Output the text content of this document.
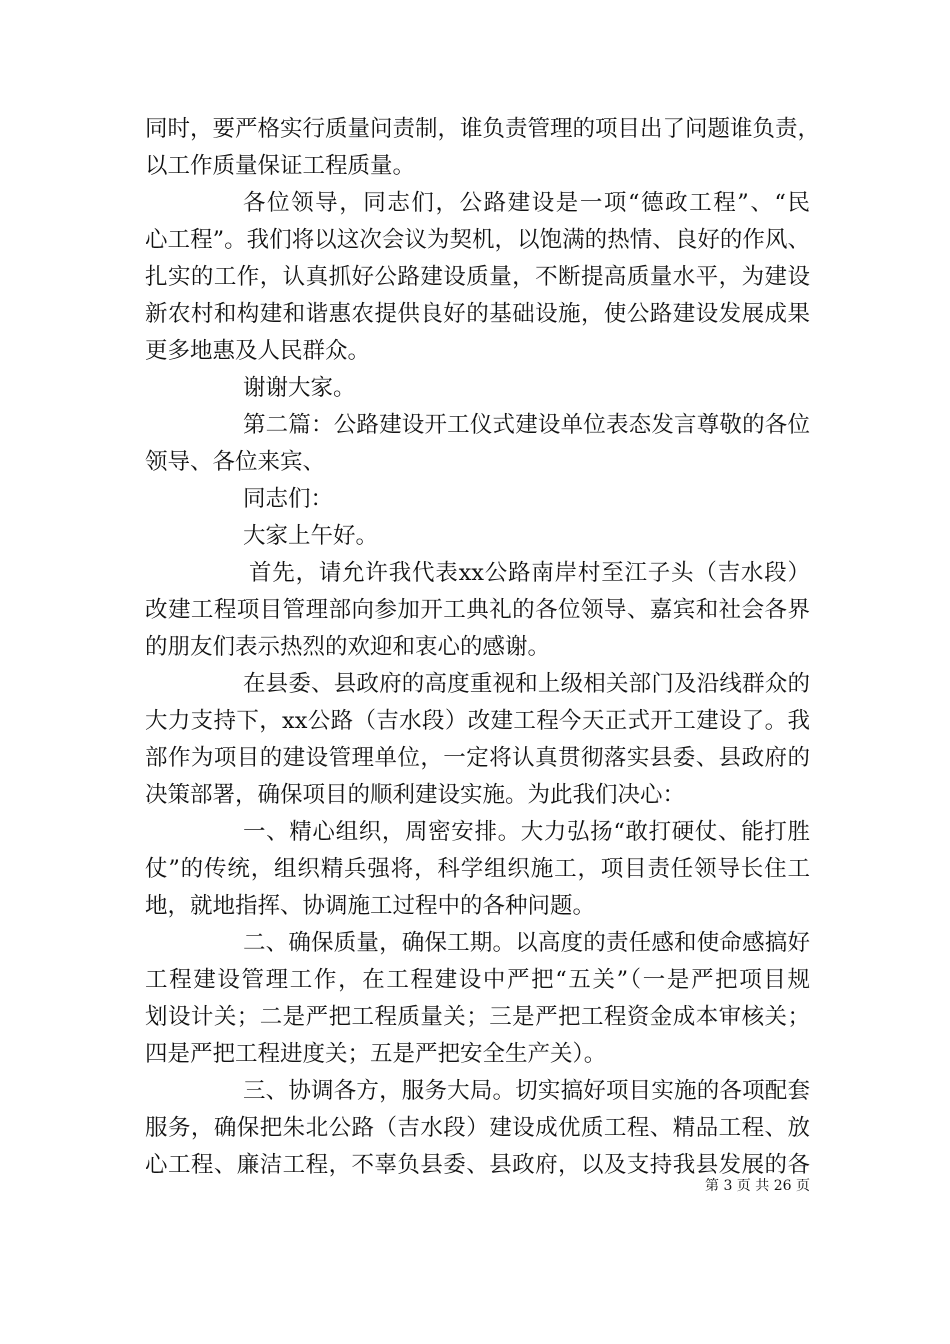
同时，要严格实行质量问责制，谁负责管理的项目出了问题谁负责，
以工作质量保证工程质量。
各位领导，同志们，公路建设是一项“德政工程”、“民
心工程”。我们将以这次会议为契机，以饱满的热情、良好的作风、
扎实的工作，认真抓好公路建设质量，不断提高质量水平，为建设
新农村和构建和谐惠农提供良好的基础设施，使公路建设发展成果
更多地惠及人民群众。
谢谢大家。
第二篇：公路建设开工仪式建设单位表态发言尊敬的各位
领导、各位来宾、
同志们：
大家上午好。
首先，请允许我代表xx公路南岸村至江子头（吉水段）
改建工程项目管理部向参加开工典礼的各位领导、嘉宾和社会各界
的朋友们表示热烈的欢迎和衷心的感谢。
在县委、县政府的高度重视和上级相关部门及沿线群众的
大力支持下，xx公路（吉水段）改建工程今天正式开工建设了。我
部作为项目的建设管理单位，一定将认真贯彻落实县委、县政府的
决策部署，确保项目的顺利建设实施。为此我们决心：
一、精心组织，周密安排。大力弘扬“敢打硬仗、能打胜
仗”的传统，组织精兵强将，科学组织施工，项目责任领导长住工
地，就地指挥、协调施工过程中的各种问题。
二、确保质量，确保工期。以高度的责任感和使命感搞好
工程建设管理工作，在工程建设中严把“五关”（一是严把项目规
划设计关；二是严把工程质量关；三是严把工程资金成本审核关；
四是严把工程进度关；五是严把安全生产关）。
三、协调各方，服务大局。切实搞好项目实施的各项配套
服务，确保把朱北公路（吉水段）建设成优质工程、精品工程、放
心工程、廉洁工程，不辜负县委、县政府，以及支持我县发展的各
第 3 页 共 26 页
